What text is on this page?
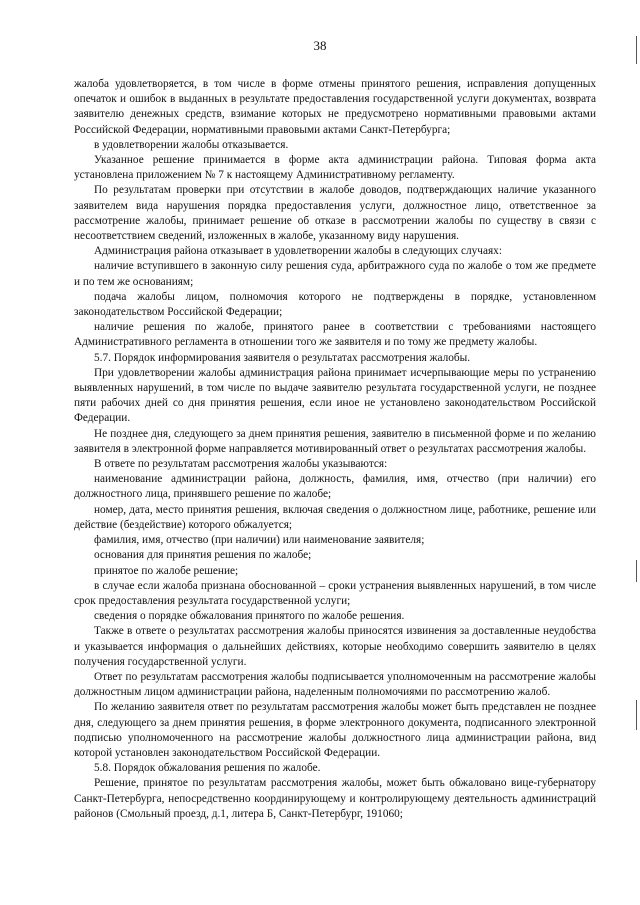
38

жалоба удовлетворяется, в том числе в форме отмены принятого решения, исправления допущенных опечаток и ошибок в выданных в результате предоставления государственной услуги документах, возврата заявителю денежных средств, взимание которых не предусмотрено нормативными правовыми актами Российской Федерации, нормативными правовыми актами Санкт-Петербурга;

в удовлетворении жалобы отказывается.

Указанное решение принимается в форме акта администрации района. Типовая форма акта установлена приложением № 7 к настоящему Административному регламенту.

По результатам проверки при отсутствии в жалобе доводов, подтверждающих наличие указанного заявителем вида нарушения порядка предоставления услуги, должностное лицо, ответственное за рассмотрение жалобы, принимает решение об отказе в рассмотрении жалобы по существу в связи с несоответствием сведений, изложенных в жалобе, указанному виду нарушения.

Администрация района отказывает в удовлетворении жалобы в следующих случаях:

наличие вступившего в законную силу решения суда, арбитражного суда по жалобе о том же предмете и по тем же основаниям;

подача жалобы лицом, полномочия которого не подтверждены в порядке, установленном законодательством Российской Федерации;

наличие решения по жалобе, принятого ранее в соответствии с требованиями настоящего Административного регламента в отношении того же заявителя и по тому же предмету жалобы.

5.7. Порядок информирования заявителя о результатах рассмотрения жалобы.

При удовлетворении жалобы администрация района принимает исчерпывающие меры по устранению выявленных нарушений, в том числе по выдаче заявителю результата государственной услуги, не позднее пяти рабочих дней со дня принятия решения, если иное не установлено законодательством Российской Федерации.

Не позднее дня, следующего за днем принятия решения, заявителю в письменной форме и по желанию заявителя в электронной форме направляется мотивированный ответ о результатах рассмотрения жалобы.

В ответе по результатам рассмотрения жалобы указываются:

наименование администрации района, должность, фамилия, имя, отчество (при наличии) его должностного лица, принявшего решение по жалобе;

номер, дата, место принятия решения, включая сведения о должностном лице, работнике, решение или действие (бездействие) которого обжалуется;

фамилия, имя, отчество (при наличии) или наименование заявителя;

основания для принятия решения по жалобе;

принятое по жалобе решение;

в случае если жалоба признана обоснованной – сроки устранения выявленных нарушений, в том числе срок предоставления результата государственной услуги;

сведения о порядке обжалования принятого по жалобе решения.

Также в ответе о результатах рассмотрения жалобы приносятся извинения за доставленные неудобства и указывается информация о дальнейших действиях, которые необходимо совершить заявителю в целях получения государственной услуги.

Ответ по результатам рассмотрения жалобы подписывается уполномоченным на рассмотрение жалобы должностным лицом администрации района, наделенным полномочиями по рассмотрению жалоб.

По желанию заявителя ответ по результатам рассмотрения жалобы может быть представлен не позднее дня, следующего за днем принятия решения, в форме электронного документа, подписанного электронной подписью уполномоченного на рассмотрение жалобы должностного лица администрации района, вид которой установлен законодательством Российской Федерации.

5.8. Порядок обжалования решения по жалобе.

Решение, принятое по результатам рассмотрения жалобы, может быть обжаловано вице-губернатору Санкт-Петербурга, непосредственно координирующему и контролирующему деятельность администраций районов (Смольный проезд, д.1, литера Б, Санкт-Петербург, 191060;
